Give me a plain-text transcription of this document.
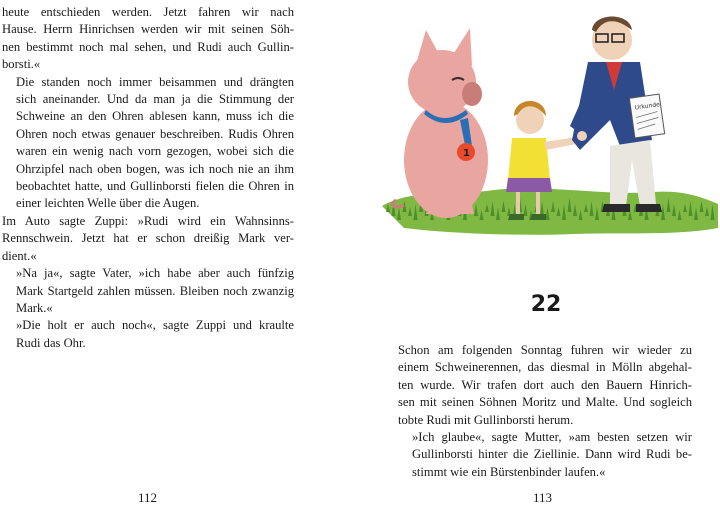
heute entschieden werden. Jetzt fahren wir nach
Hause. Herrn Hinrichsen werden wir mit seinen Söh-
nen bestimmt noch mal sehen, und Rudi auch Gullin-
borsti.«

Die standen noch immer beisammen und drängten
sich aneinander. Und da man ja die Stimmung der
Schweine an den Ohren ablesen kann, muss ich die
Ohren noch etwas genauer beschreiben. Rudis Ohren
waren ein wenig nach vorn gezogen, wobei sich die
Ohrzipfel nach oben bogen, was ich noch nie an ihm
beobachtet hatte, und Gullinborsti fielen die Ohren in
einer leichten Welle über die Augen.

Im Auto sagte Zuppi: »Rudi wird ein Wahnsinns-
Rennschwein. Jetzt hat er schon dreißig Mark ver-
dient.«

»Na ja«, sagte Vater, »ich habe aber auch fünfzig
Mark Startgeld zahlen müssen. Bleiben noch zwanzig
Mark.«

»Die holt er auch noch«, sagte Zuppi und kraulte
Rudi das Ohr.

112
1
Urkunde
22

Schon am folgenden Sonntag fuhren wir wieder zu
einem Schweinerennen, das diesmal in Mölln abgehal-
ten wurde. Wir trafen dort auch den Bauern Hinrich-
sen mit seinen Söhnen Moritz und Malte. Und sogleich
tobte Rudi mit Gullinborsti herum.

»Ich glaube«, sagte Mutter, »am besten setzen wir
Gullinborsti hinter die Ziellinie. Dann wird Rudi be-
stimmt wie ein Bürstenbinder laufen.«

113
